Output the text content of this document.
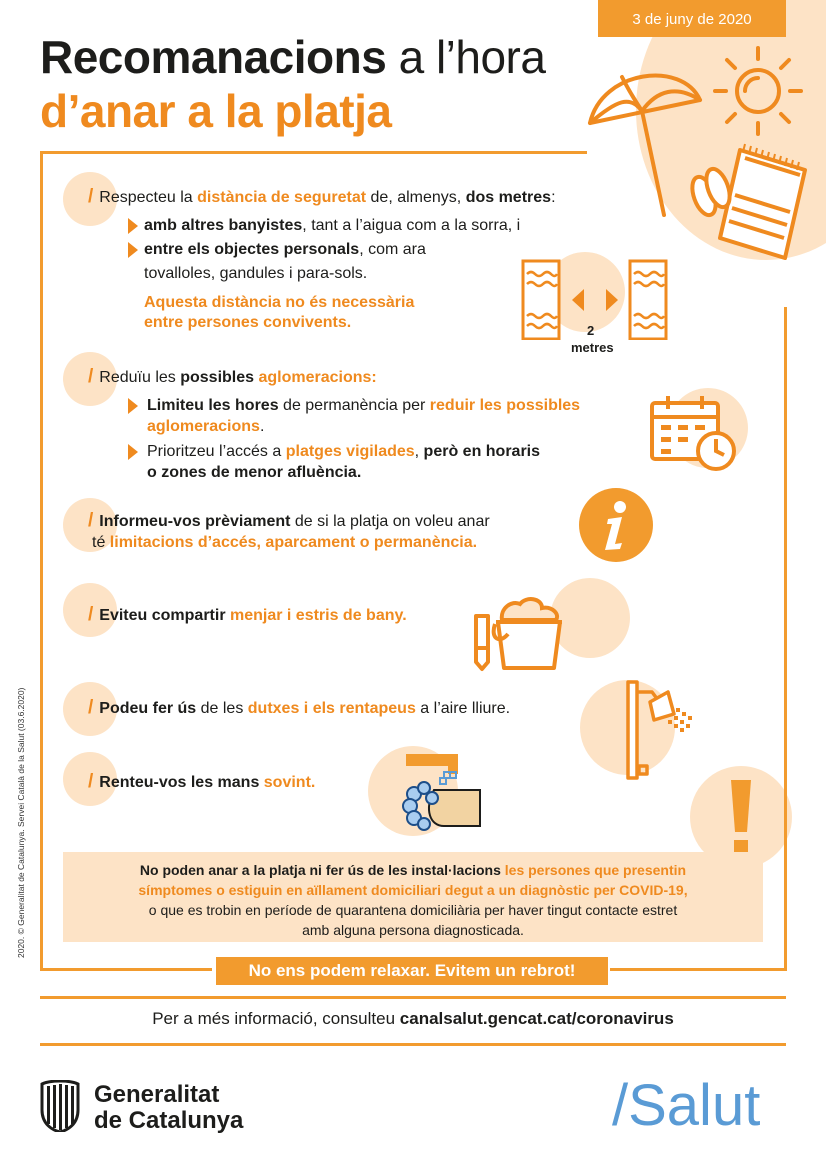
3 de juny de 2020
Recomanacions a l’hora
d’anar a la platja
/ Respecteu la distància de seguretat de, almenys, dos metres:
amb altres banyistes, tant a l’aigua com a la sorra, i
entre els objectes personals, com ara
tovalloles, gandules i para-sols.
Aquesta distància no és necessària
entre persones convivents.	2
metres
/ Reduïu les possibles aglomeracions:
Limiteu les hores de permanència per reduir les possibles
aglomeracions.
Prioritzeu l’accés a platges vigilades, però en horaris
o zones de menor afluència.
/ Informeu-vos prèviament de si la platja on voleu anar
té limitacions d’accés, aparcament o permanència.
/ Eviteu compartir menjar i estris de bany.
/ Podeu fer ús de les dutxes i els rentapeus a l’aire lliure.
/ Renteu-vos les mans sovint.
No poden anar a la platja ni fer ús de les instal·lacions les persones que presentin
símptomes o estiguin en aïllament domiciliari degut a un diagnòstic per COVID-19,
o que es trobin en període de quarantena domiciliària per haver tingut contacte estret
amb alguna persona diagnosticada.
No ens podem relaxar. Evitem un rebrot!
Per a més informació, consulteu canalsalut.gencat.cat/coronavirus
Generalitat
de Catalunya	/Salut
2020. © Generalitat de Catalunya. Servei Català de la Salut (03.6.2020)
